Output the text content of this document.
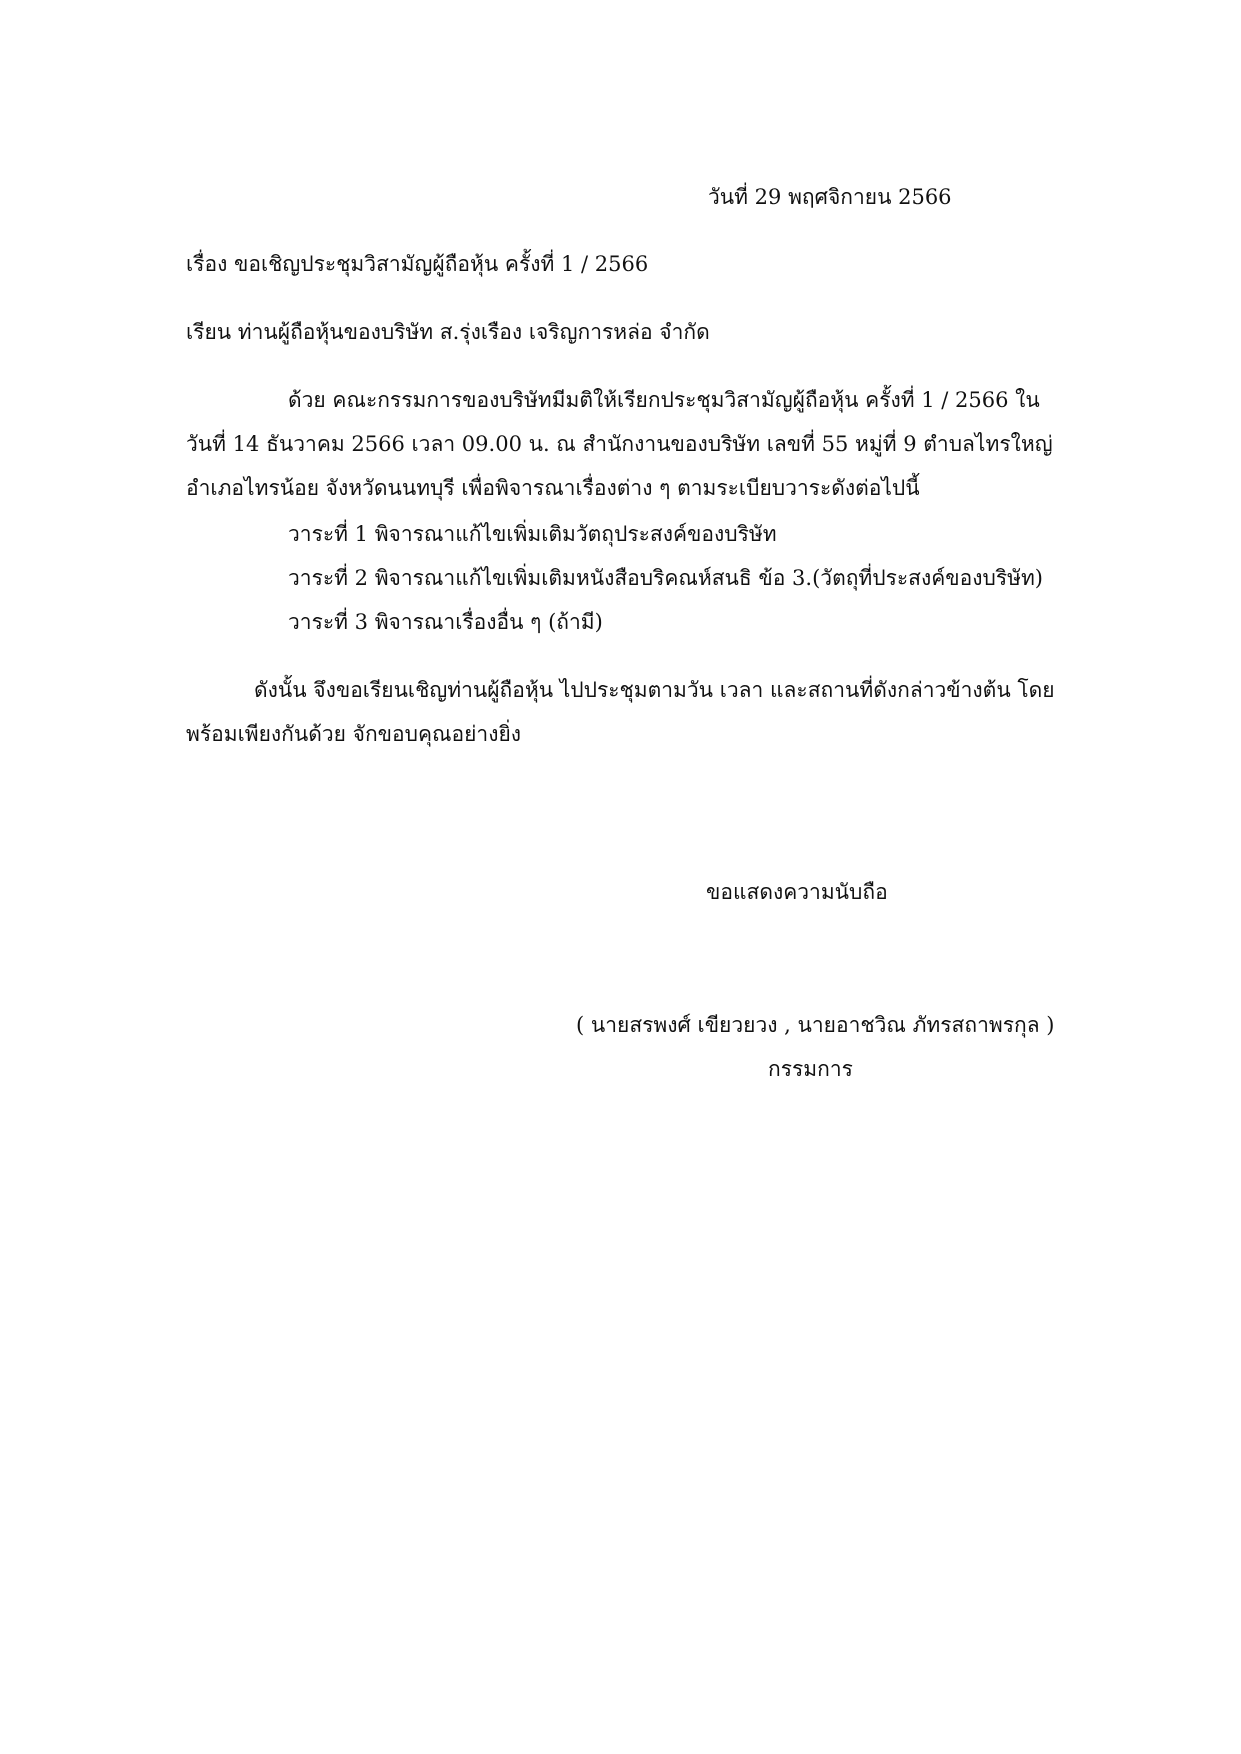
วันที่ 29 พฤศจิกายน 2566
เรื่อง ขอเชิญประชุมวิสามัญผู้ถือหุ้น ครั้งที่ 1 / 2566
เรียน ท่านผู้ถือหุ้นของบริษัท ส.รุ่งเรือง เจริญการหล่อ จำกัด
ด้วย คณะกรรมการของบริษัทมีมติให้เรียกประชุมวิสามัญผู้ถือหุ้น ครั้งที่ 1 / 2566 ใน
วันที่ 14 ธันวาคม 2566 เวลา 09.00 น. ณ สำนักงานของบริษัท เลขที่ 55 หมู่ที่ 9 ตำบลไทรใหญ่
อำเภอไทรน้อย จังหวัดนนทบุรี เพื่อพิจารณาเรื่องต่าง ๆ ตามระเบียบวาระดังต่อไปนี้
วาระที่ 1 พิจารณาแก้ไขเพิ่มเติมวัตถุประสงค์ของบริษัท
วาระที่ 2 พิจารณาแก้ไขเพิ่มเติมหนังสือบริคณห์สนธิ ข้อ 3.(วัตถุที่ประสงค์ของบริษัท)
วาระที่ 3 พิจารณาเรื่องอื่น ๆ (ถ้ามี)
ดังนั้น จึงขอเรียนเชิญท่านผู้ถือหุ้น ไปประชุมตามวัน เวลา และสถานที่ดังกล่าวข้างต้น โดย
พร้อมเพียงกันด้วย จักขอบคุณอย่างยิ่ง
ขอแสดงความนับถือ
( นายสรพงศ์ เขียวยวง , นายอาชวิณ ภัทรสถาพรกุล )
กรรมการ
